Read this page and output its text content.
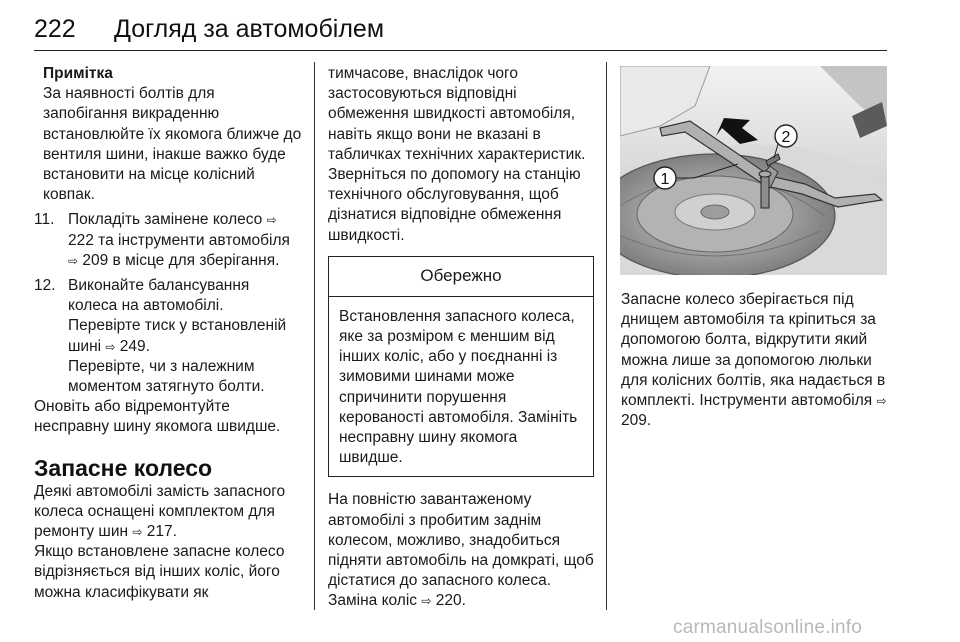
222 Догляд за автомобілем

Примітка

За наявності болтів для запобігання викраденню встановлюйте їх якомога ближче до вентиля шини, інакше важко буде встановити на місце колісний ковпак.

11. Покладіть замінене колесо ⇨ 222 та інструменти автомобіля ⇨ 209 в місце для зберігання.
12. Виконайте балансування колеса на автомобілі.

Перевірте тиск у встановленій шині ⇨ 249.

Перевірте, чи з належним моментом затягнуто болти.

Оновіть або відремонтуйте несправну шину якомога швидше.

Запасне колесо

Деякі автомобілі замість запасного колеса оснащені комплектом для ремонту шин ⇨ 217.

Якщо встановлене запасне колесо відрізняється від інших коліс, його можна класифікувати як

тимчасове, внаслідок чого застосовуються відповідні обмеження швидкості автомобіля, навіть якщо вони не вказані в табличках технічних характеристик. Зверніться по допомогу на станцію технічного обслуговування, щоб дізнатися відповідне обмеження швидкості.

Обережно
Встановлення запасного колеса, яке за розміром є меншим від інших коліс, або у поєднанні із зимовими шинами може спричинити порушення керованості автомобіля. Замініть несправну шину якомога швидше.

На повністю завантаженому автомобілі з пробитим заднім колесом, можливо, знадобиться підняти автомобіль на домкраті, щоб дістатися до запасного колеса.

Заміна коліс ⇨ 220.

1
2

Запасне колесо зберігається під днищем автомобіля та кріпиться за допомогою болта, відкрутити який можна лише за допомогою люльки для колісних болтів, яка надається в комплекті. Інструменти автомобіля ⇨ 209.

carmanualsonline.info
